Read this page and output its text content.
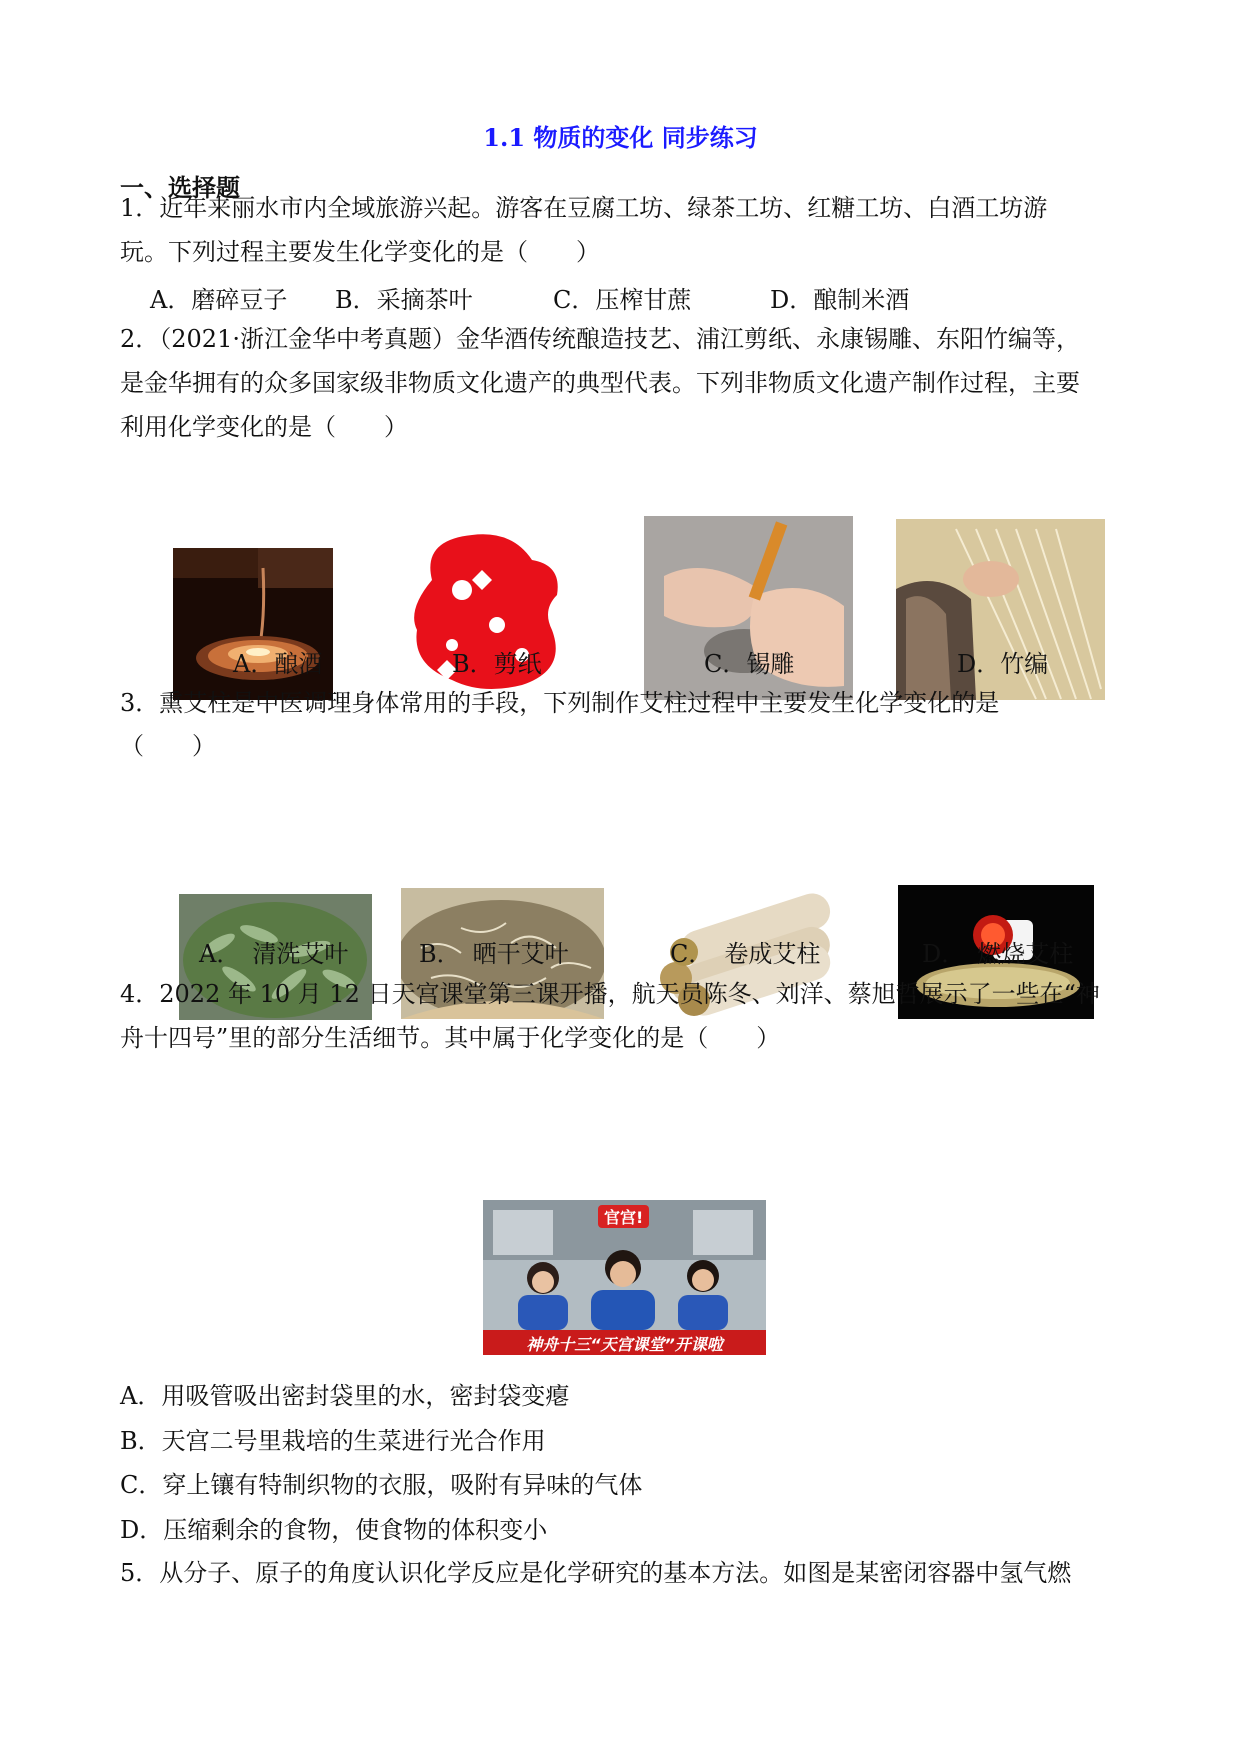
1.1 物质的变化 同步练习
一、选择题
1．近年来丽水市内全域旅游兴起。游客在豆腐工坊、绿茶工坊、红糖工坊、白酒工坊游
玩。下列过程主要发生化学变化的是（　　）
A．磨碎豆子 B．采摘茶叶	C．压榨甘蔗	D．酿制米酒
2．（2021·浙江金华中考真题）金华酒传统酿造技艺、浦江剪纸、永康锡雕、东阳竹编等，
是金华拥有的众多国家级非物质文化遗产的典型代表。下列非物质文化遗产制作过程，主要
利用化学变化的是（　　）
A．酿酒	B．剪纸	C．锡雕	D．竹编
3．熏艾柱是中医调理身体常用的手段，下列制作艾柱过程中主要发生化学变化的是
（　　）
A．　清洗艾叶	B．　晒干艾叶	C．　卷成艾柱	D．　燃烧艾柱
4．2022 年 10 月 12 日天宫课堂第三课开播，航天员陈冬、刘洋、蔡旭哲展示了一些在“神
舟十四号”里的部分生活细节。其中属于化学变化的是（　　）
官宫!
神舟十三“天宫课堂”开课啦
A．用吸管吸出密封袋里的水，密封袋变瘪
B．天宫二号里栽培的生菜进行光合作用
C．穿上镶有特制织物的衣服，吸附有异味的气体
D．压缩剩余的食物，使食物的体积变小
5．从分子、原子的角度认识化学反应是化学研究的基本方法。如图是某密闭容器中氢气燃
